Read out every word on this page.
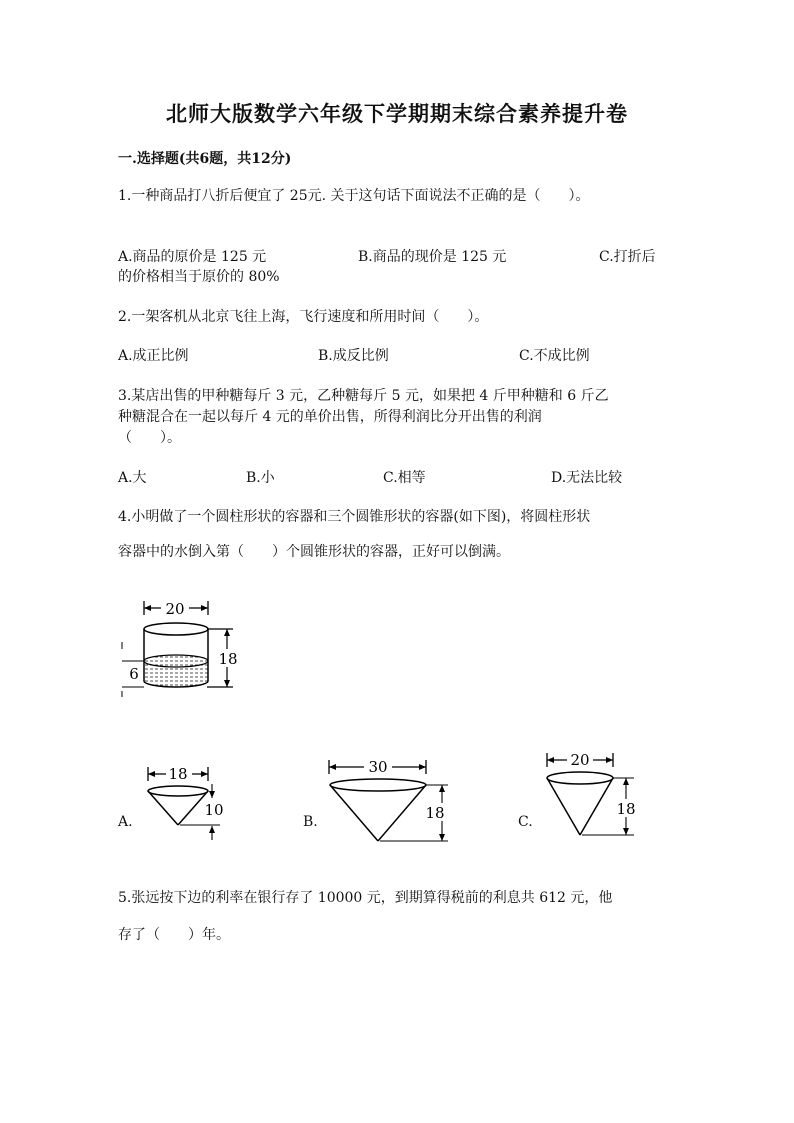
北师大版数学六年级下学期期末综合素养提升卷
一.选择题(共6题，共12分)
1.一种商品打八折后便宜了 25元. 关于这句话下面说法不正确的是（　　）。
A.商品的原价是 125 元	B.商品的现价是 125 元	C.打折后
的价格相当于原价的 80%
2.一架客机从北京飞往上海，飞行速度和所用时间（　　）。
A.成正比例	B.成反比例	C.不成比例
3.某店出售的甲种糖每斤 3 元，乙种糖每斤 5 元，如果把 4 斤甲种糖和 6 斤乙
种糖混合在一起以每斤 4 元的单价出售，所得利润比分开出售的利润
（　　）。
A.大	B.小	C.相等	D.无法比较
4.小明做了一个圆柱形状的容器和三个圆锥形状的容器(如下图)，将圆柱形状
容器中的水倒入第（　　）个圆锥形状的容器，正好可以倒满。
20
18
6
A.
18
10
B.
30
18	C.
20
18
5.张远按下边的利率在银行存了 10000 元，到期算得税前的利息共 612 元，他
存了（　　）年。
